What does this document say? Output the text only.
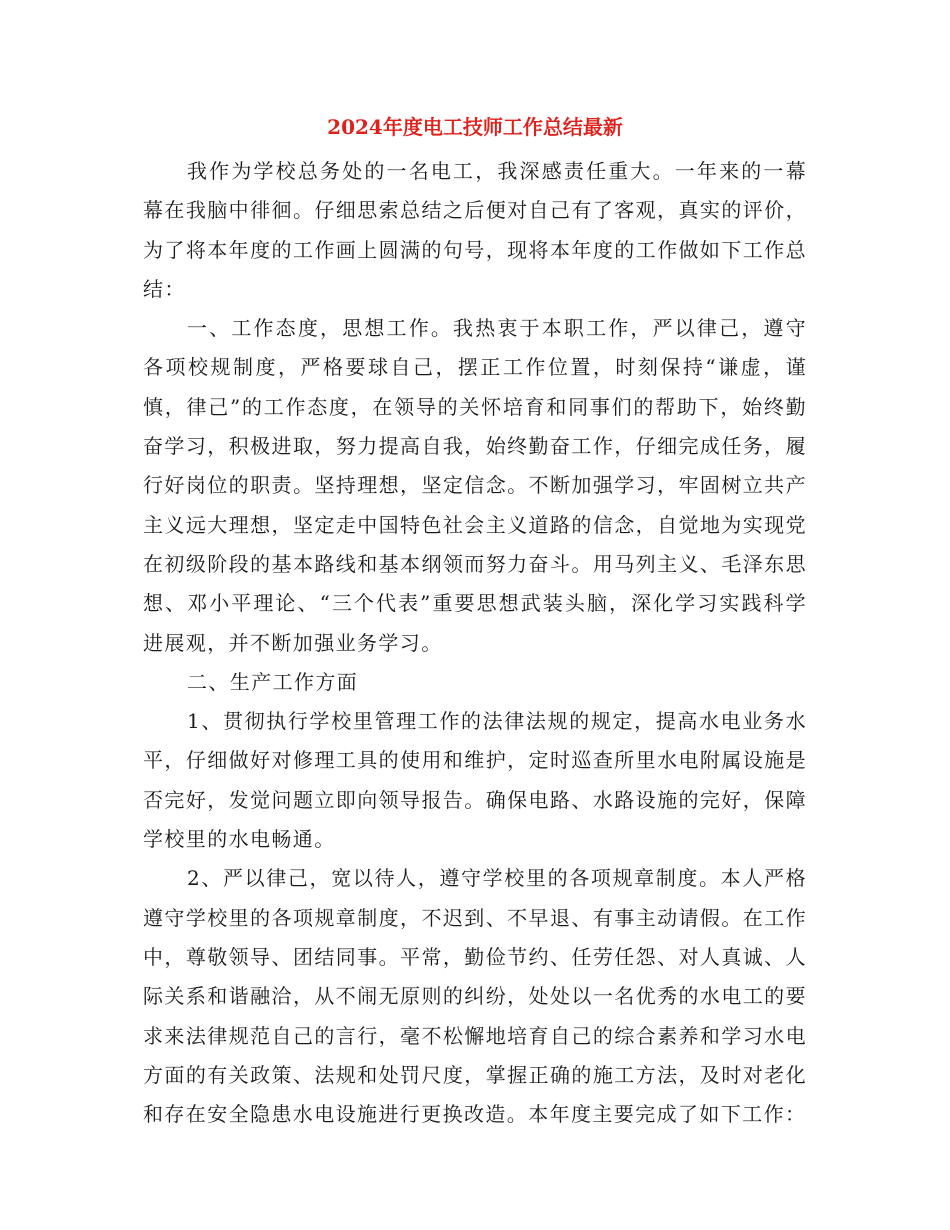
2024年度电工技师工作总结最新

我作为学校总务处的一名电工，我深感责任重大。一年来的一幕幕在我脑中徘徊。仔细思索总结之后便对自己有了客观，真实的评价，为了将本年度的工作画上圆满的句号，现将本年度的工作做如下工作总结：

一、工作态度，思想工作。我热衷于本职工作，严以律己，遵守各项校规制度，严格要球自己，摆正工作位置，时刻保持“谦虚，谨慎，律己”的工作态度，在领导的关怀培育和同事们的帮助下，始终勤奋学习，积极进取，努力提高自我，始终勤奋工作，仔细完成任务，履行好岗位的职责。坚持理想，坚定信念。不断加强学习，牢固树立共产主义远大理想，坚定走中国特色社会主义道路的信念，自觉地为实现党在初级阶段的基本路线和基本纲领而努力奋斗。用马列主义、毛泽东思想、邓小平理论、“三个代表”重要思想武装头脑，深化学习实践科学进展观，并不断加强业务学习。

二、生产工作方面

1、贯彻执行学校里管理工作的法律法规的规定，提高水电业务水平，仔细做好对修理工具的使用和维护，定时巡查所里水电附属设施是否完好，发觉问题立即向领导报告。确保电路、水路设施的完好，保障学校里的水电畅通。

2、严以律己，宽以待人，遵守学校里的各项规章制度。本人严格遵守学校里的各项规章制度，不迟到、不早退、有事主动请假。在工作中，尊敬领导、团结同事。平常，勤俭节约、任劳任怨、对人真诚、人际关系和谐融洽，从不闹无原则的纠纷，处处以一名优秀的水电工的要求来法律规范自己的言行，毫不松懈地培育自己的综合素养和学习水电方面的有关政策、法规和处罚尺度，掌握正确的施工方法，及时对老化和存在安全隐患水电设施进行更换改造。本年度主要完成了如下工作：
